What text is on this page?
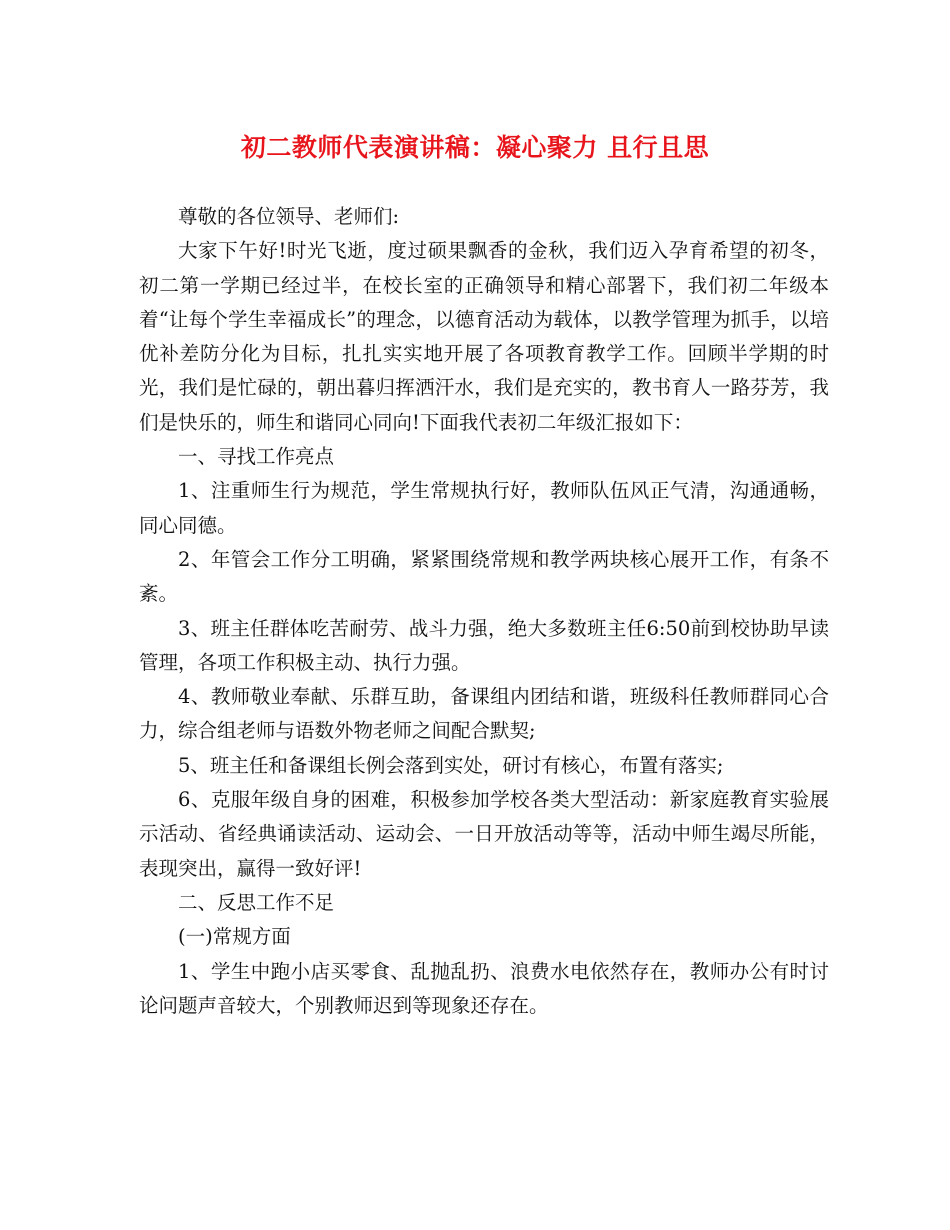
初二教师代表演讲稿：凝心聚力 且行且思

尊敬的各位领导、老师们:

大家下午好!时光飞逝，度过硕果飘香的金秋，我们迈入孕育希望的初冬，初二第一学期已经过半，在校长室的正确领导和精心部署下，我们初二年级本着“让每个学生幸福成长”的理念，以德育活动为载体，以教学管理为抓手，以培优补差防分化为目标，扎扎实实地开展了各项教育教学工作。回顾半学期的时光，我们是忙碌的，朝出暮归挥洒汗水，我们是充实的，教书育人一路芬芳，我们是快乐的，师生和谐同心同向!下面我代表初二年级汇报如下：

一、寻找工作亮点

1、注重师生行为规范，学生常规执行好，教师队伍风正气清，沟通通畅，同心同德。

2、年管会工作分工明确，紧紧围绕常规和教学两块核心展开工作，有条不紊。

3、班主任群体吃苦耐劳、战斗力强，绝大多数班主任6:50前到校协助早读管理，各项工作积极主动、执行力强。

4、教师敬业奉献、乐群互助，备课组内团结和谐，班级科任教师群同心合力，综合组老师与语数外物老师之间配合默契;

5、班主任和备课组长例会落到实处，研讨有核心，布置有落实;

6、克服年级自身的困难，积极参加学校各类大型活动：新家庭教育实验展示活动、省经典诵读活动、运动会、一日开放活动等等，活动中师生竭尽所能，表现突出，赢得一致好评!

二、反思工作不足

(一)常规方面

1、学生中跑小店买零食、乱抛乱扔、浪费水电依然存在，教师办公有时讨论问题声音较大，个别教师迟到等现象还存在。
